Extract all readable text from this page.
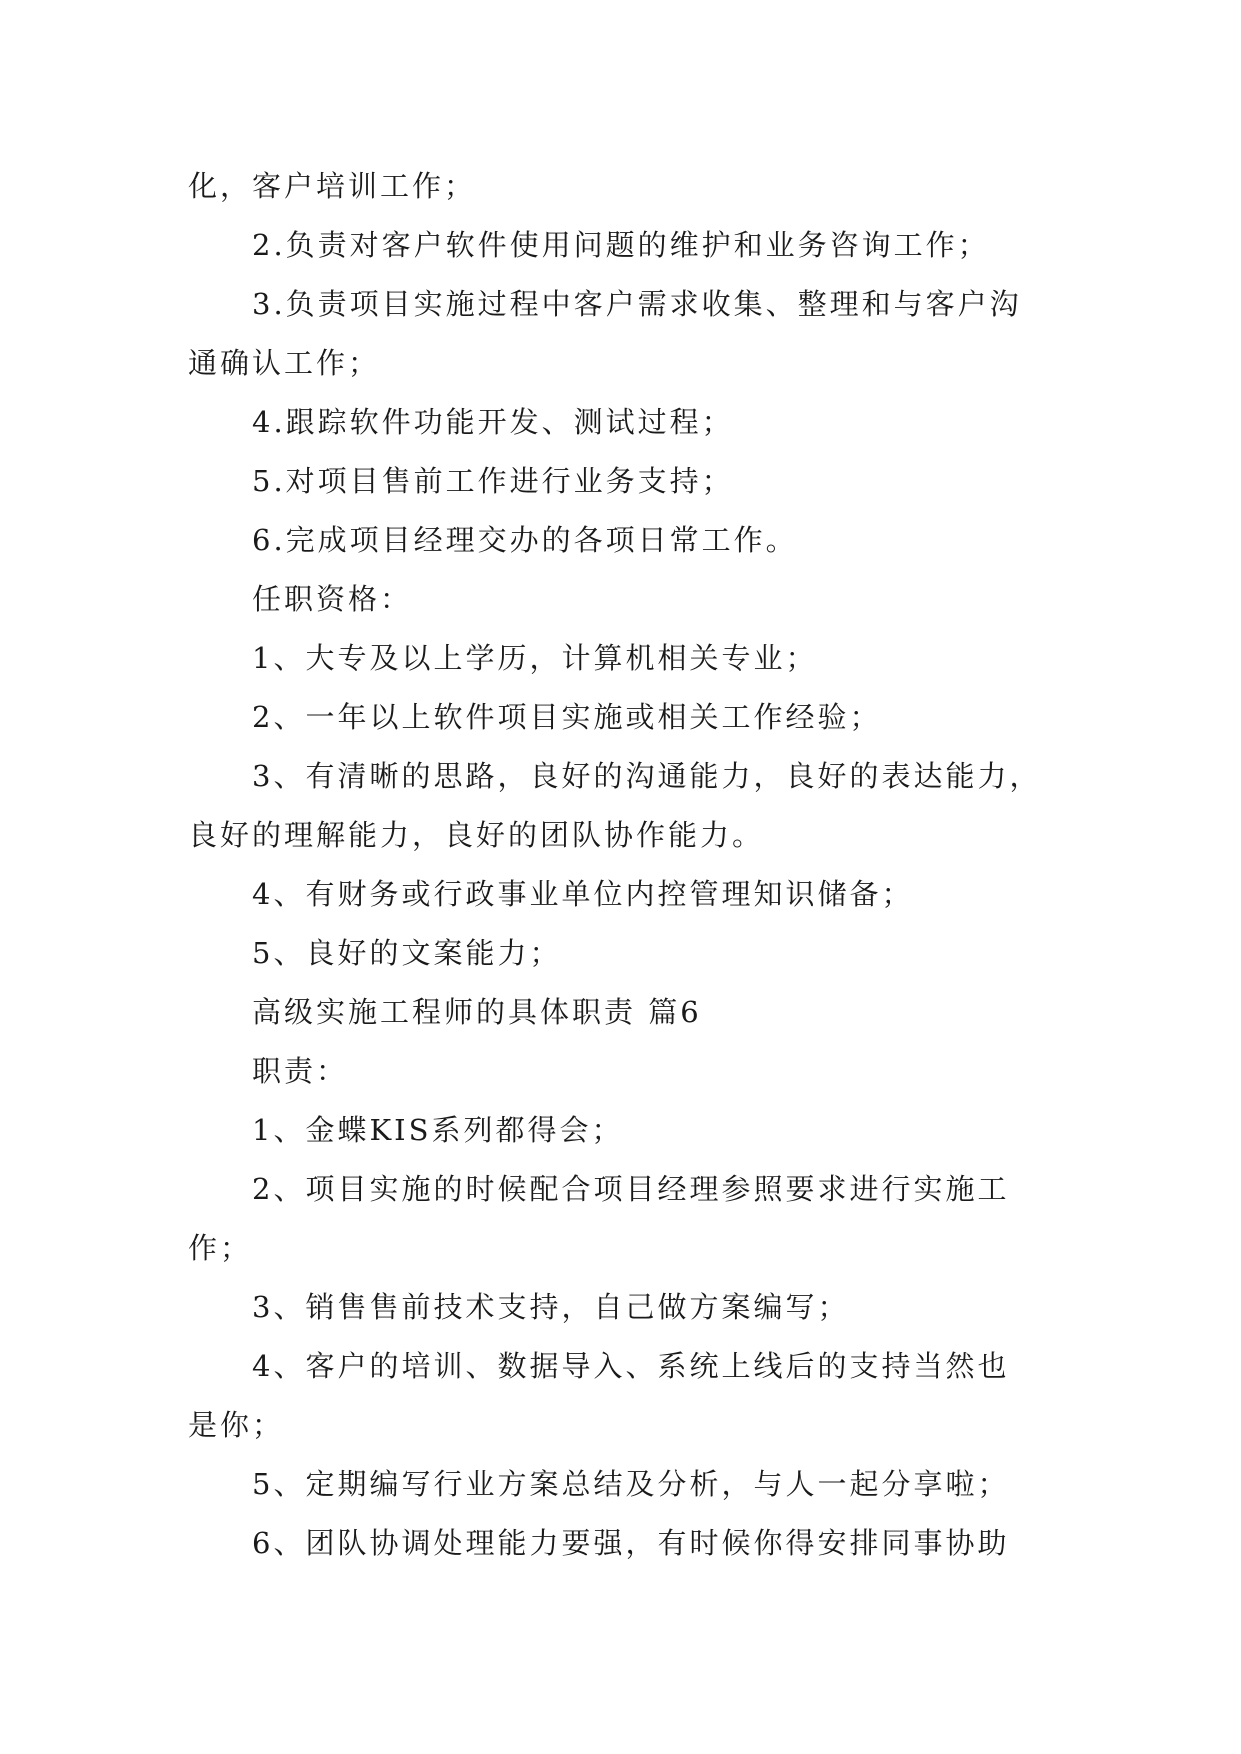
化，客户培训工作；
2.负责对客户软件使用问题的维护和业务咨询工作；
3.负责项目实施过程中客户需求收集、整理和与客户沟
通确认工作；
4.跟踪软件功能开发、测试过程；
5.对项目售前工作进行业务支持；
6.完成项目经理交办的各项日常工作。
任职资格：
1、大专及以上学历，计算机相关专业；
2、一年以上软件项目实施或相关工作经验；
3、有清晰的思路，良好的沟通能力，良好的表达能力，
良好的理解能力，良好的团队协作能力。
4、有财务或行政事业单位内控管理知识储备；
5、良好的文案能力；
高级实施工程师的具体职责 篇6
职责：
1、金蝶KIS系列都得会；
2、项目实施的时候配合项目经理参照要求进行实施工
作；
3、销售售前技术支持，自己做方案编写；
4、客户的培训、数据导入、系统上线后的支持当然也
是你；
5、定期编写行业方案总结及分析，与人一起分享啦；
6、团队协调处理能力要强，有时候你得安排同事协助
